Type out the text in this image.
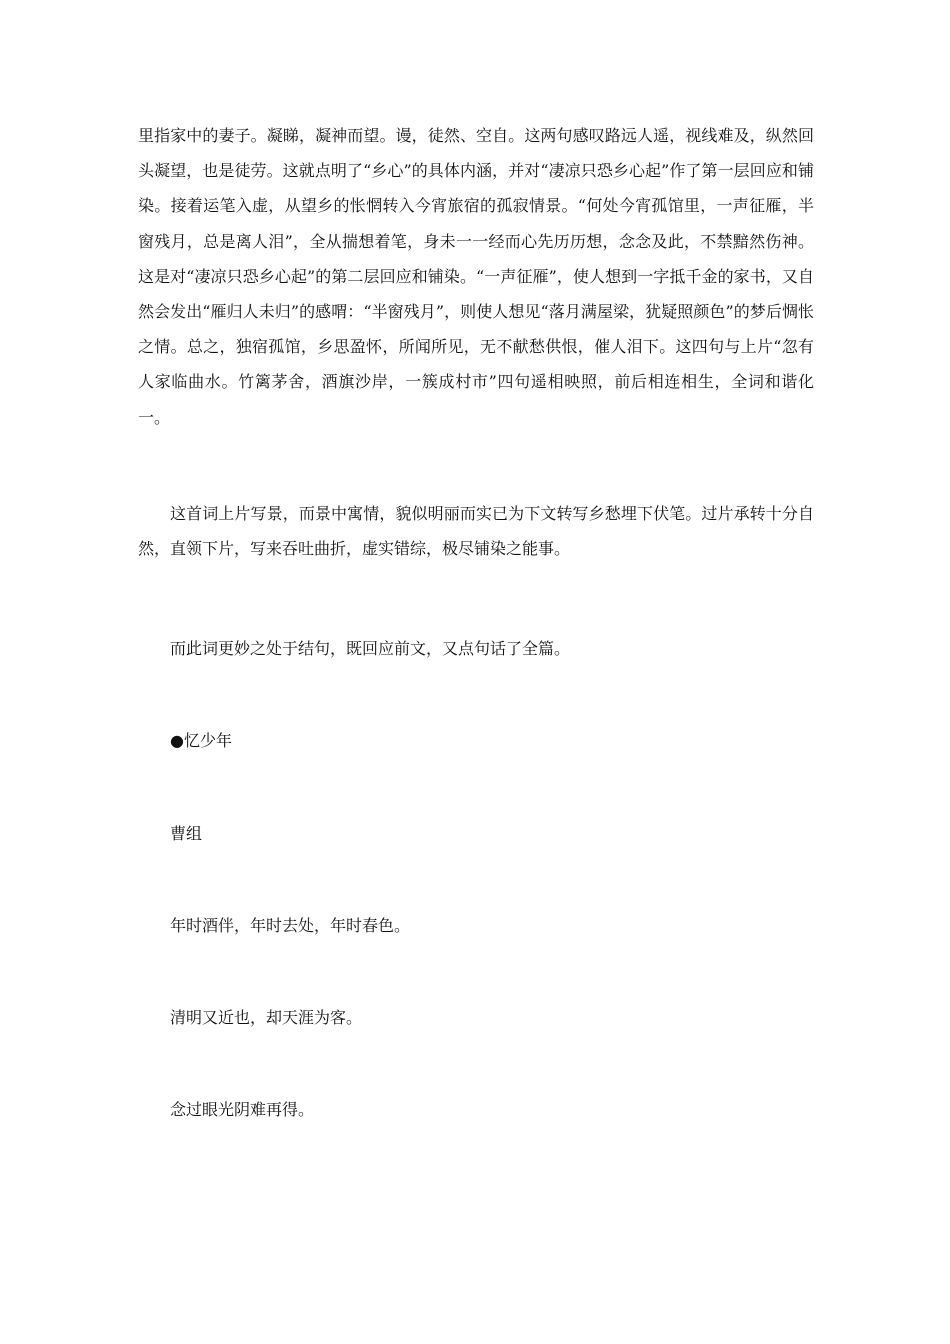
里指家中的妻子。凝睇，凝神而望。谩，徒然、空自。这两句感叹路远人遥，视线难及，纵然回头凝望，也是徒劳。这就点明了“乡心”的具体内涵，并对“凄凉只恐乡心起”作了第一层回应和铺染。接着运笔入虚，从望乡的怅惘转入今宵旅宿的孤寂情景。“何处今宵孤馆里，一声征雁，半窗残月，总是离人泪”，全从揣想着笔，身未一一经而心先历历想，念念及此，不禁黯然伤神。这是对“凄凉只恐乡心起”的第二层回应和铺染。“一声征雁”，使人想到一字抵千金的家书，又自然会发出“雁归人未归”的感喟：“半窗残月”，则使人想见“落月满屋梁，犹疑照颜色”的梦后惆怅之情。总之，独宿孤馆，乡思盈怀，所闻所见，无不献愁供恨，催人泪下。这四句与上片“忽有人家临曲水。竹篱茅舍，酒旗沙岸，一簇成村市”四句遥相映照，前后相连相生，全词和谐化一。

这首词上片写景，而景中寓情，貌似明丽而实已为下文转写乡愁埋下伏笔。过片承转十分自然，直领下片，写来吞吐曲折，虚实错综，极尽铺染之能事。

而此词更妙之处于结句，既回应前文，又点句话了全篇。

●忆少年

曹组

年时酒伴，年时去处，年时春色。

清明又近也，却天涯为客。

念过眼光阴难再得。
